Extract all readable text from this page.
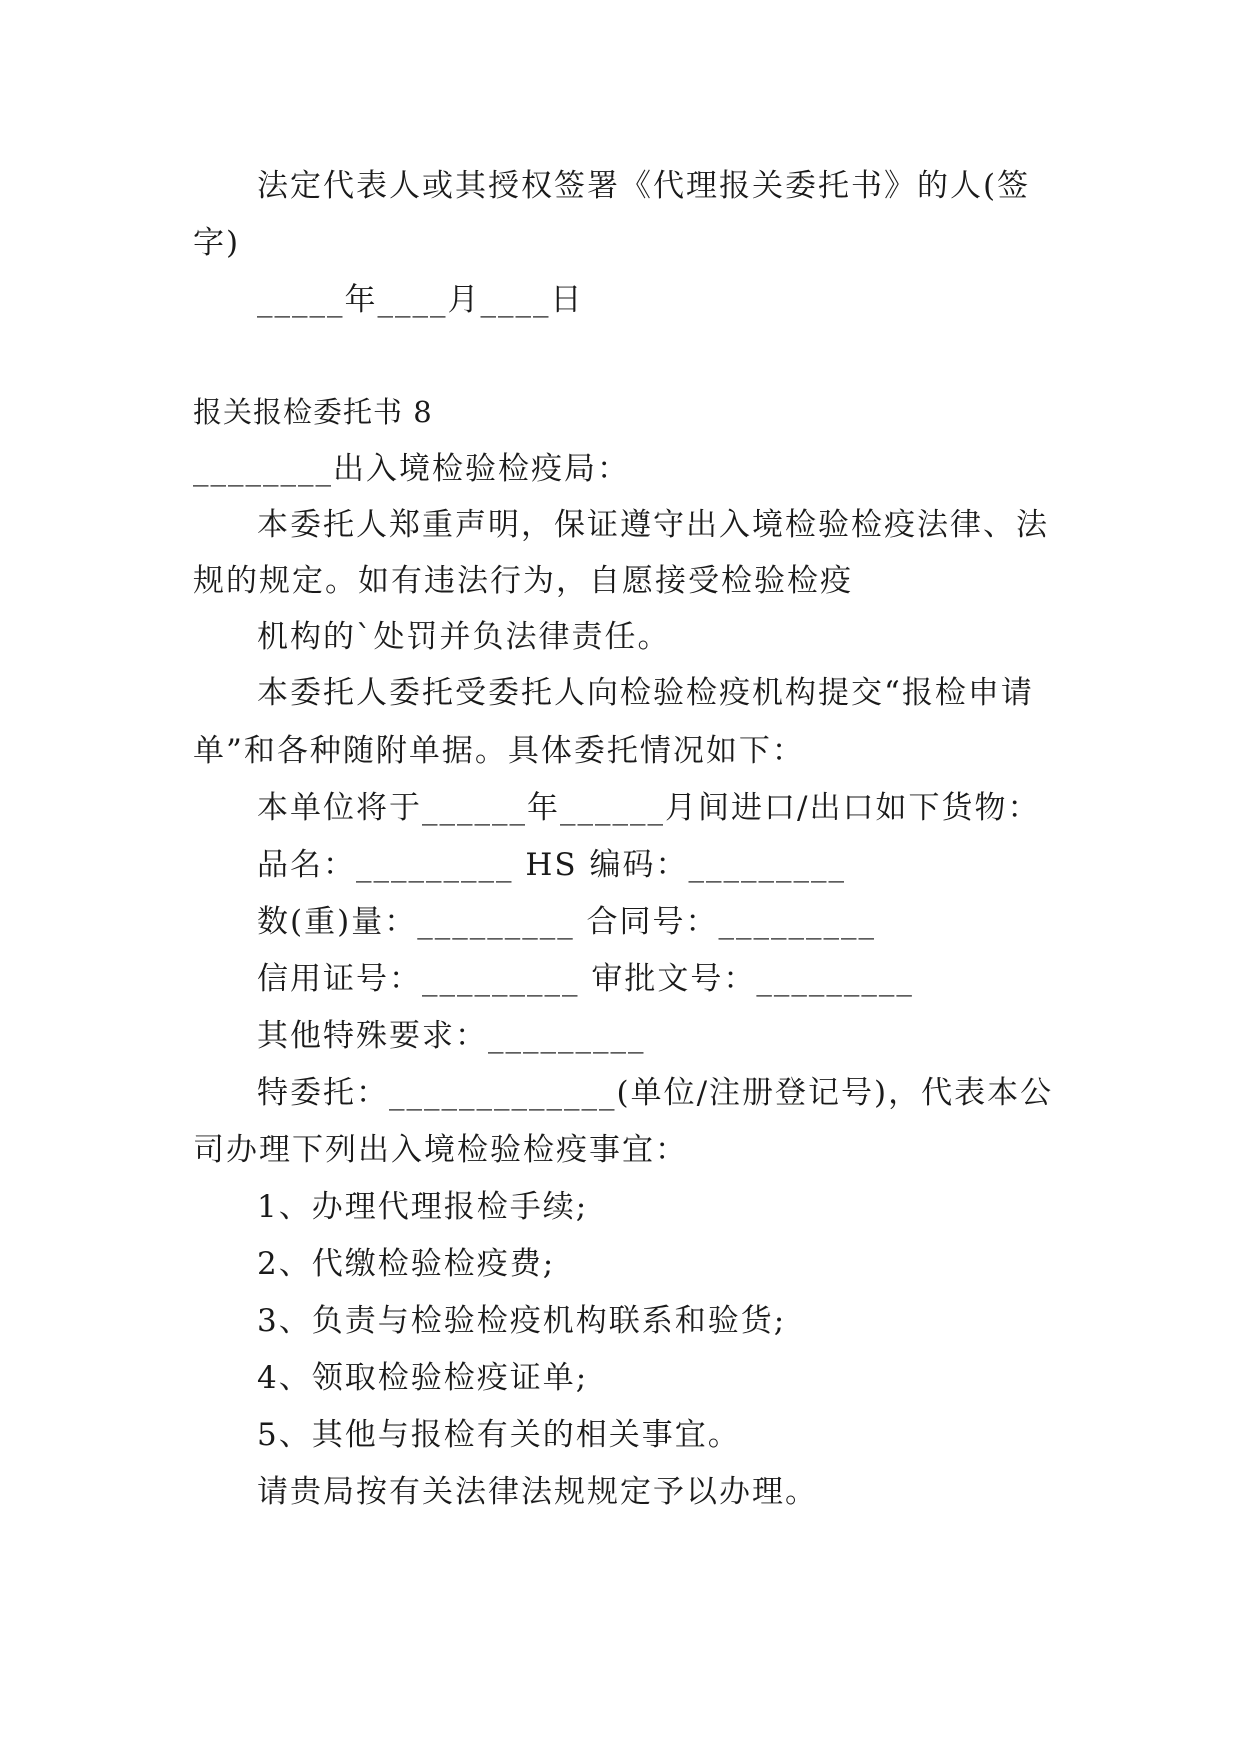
法定代表人或其授权签署《代理报关委托书》的人(签
字)
_____年____月____日
报关报检委托书 8
________出入境检验检疫局：
本委托人郑重声明，保证遵守出入境检验检疫法律、法
规的规定。如有违法行为，自愿接受检验检疫
机构的`处罚并负法律责任。
本委托人委托受委托人向检验检疫机构提交“报检申请
单”和各种随附单据。具体委托情况如下：
本单位将于______年______月间进口/出口如下货物：
品名：_________ HS 编码：_________
数(重)量：_________ 合同号：_________
信用证号：_________ 审批文号：_________
其他特殊要求：_________
特委托：_____________(单位/注册登记号)，代表本公
司办理下列出入境检验检疫事宜：
1、办理代理报检手续;
2、代缴检验检疫费;
3、负责与检验检疫机构联系和验货;
4、领取检验检疫证单;
5、其他与报检有关的相关事宜。
请贵局按有关法律法规规定予以办理。
